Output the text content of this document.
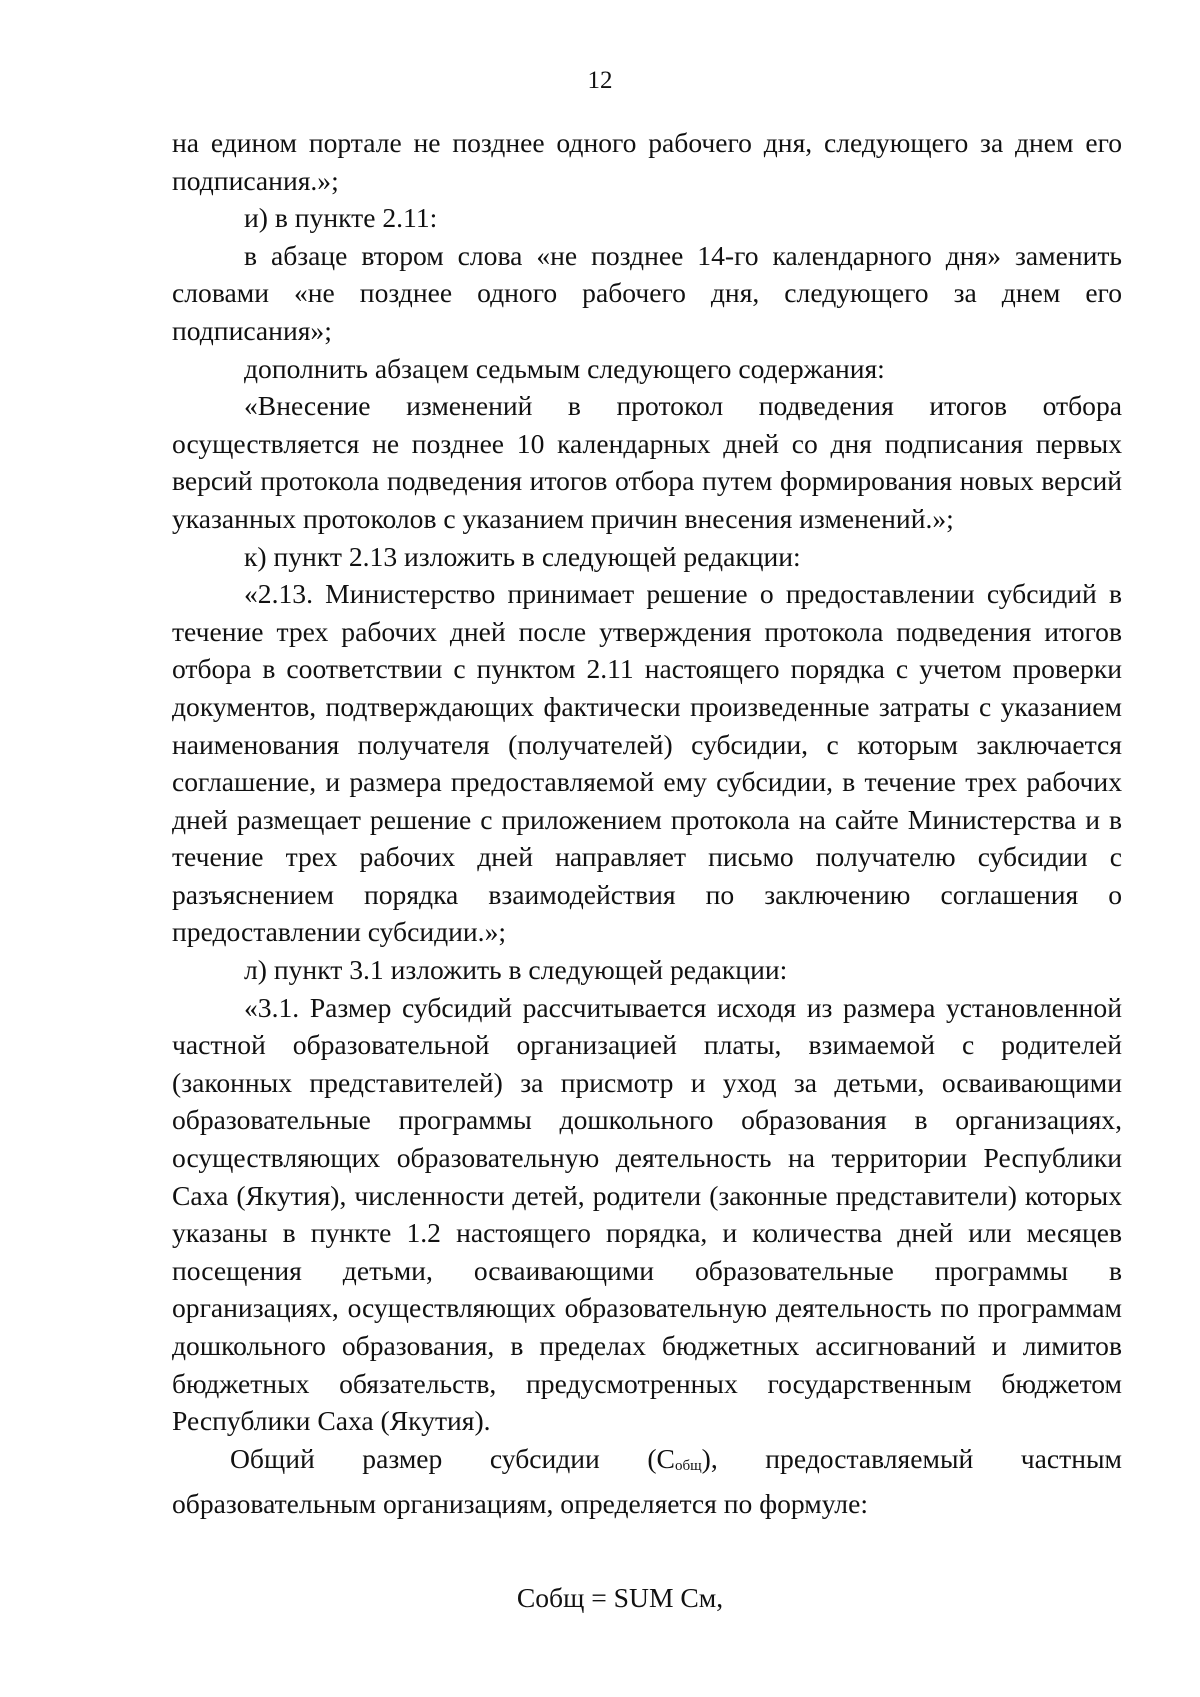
12

на едином портале не позднее одного рабочего дня, следующего за днем его подписания.»;

и) в пункте 2.11:

в абзаце втором слова «не позднее 14-го календарного дня» заменить словами «не позднее одного рабочего дня, следующего за днем его подписания»;

дополнить абзацем седьмым следующего содержания:

«Внесение изменений в протокол подведения итогов отбора осуществляется не позднее 10 календарных дней со дня подписания первых версий протокола подведения итогов отбора путем формирования новых версий указанных протоколов с указанием причин внесения изменений.»;

к) пункт 2.13 изложить в следующей редакции:

«2.13. Министерство принимает решение о предоставлении субсидий в течение трех рабочих дней после утверждения протокола подведения итогов отбора в соответствии с пунктом 2.11 настоящего порядка с учетом проверки документов, подтверждающих фактически произведенные затраты с указанием наименования получателя (получателей) субсидии, с которым заключается соглашение, и размера предоставляемой ему субсидии, в течение трех рабочих дней размещает решение с приложением протокола на сайте Министерства и в течение трех рабочих дней направляет письмо получателю субсидии с разъяснением порядка взаимодействия по заключению соглашения о предоставлении субсидии.»;

л) пункт 3.1 изложить в следующей редакции:

«3.1. Размер субсидий рассчитывается исходя из размера установленной частной образовательной организацией платы, взимаемой с родителей (законных представителей) за присмотр и уход за детьми, осваивающими образовательные программы дошкольного образования в организациях, осуществляющих образовательную деятельность на территории Республики Саха (Якутия), численности детей, родители (законные представители) которых указаны в пункте 1.2 настоящего порядка, и количества дней или месяцев посещения детьми, осваивающими образовательные программы в организациях, осуществляющих образовательную деятельность по программам дошкольного образования, в пределах бюджетных ассигнований и лимитов бюджетных обязательств, предусмотренных государственным бюджетом Республики Саха (Якутия).

Общий размер субсидии (Собщ), предоставляемый частным образовательным организациям, определяется по формуле:

Собщ = SUM См,
